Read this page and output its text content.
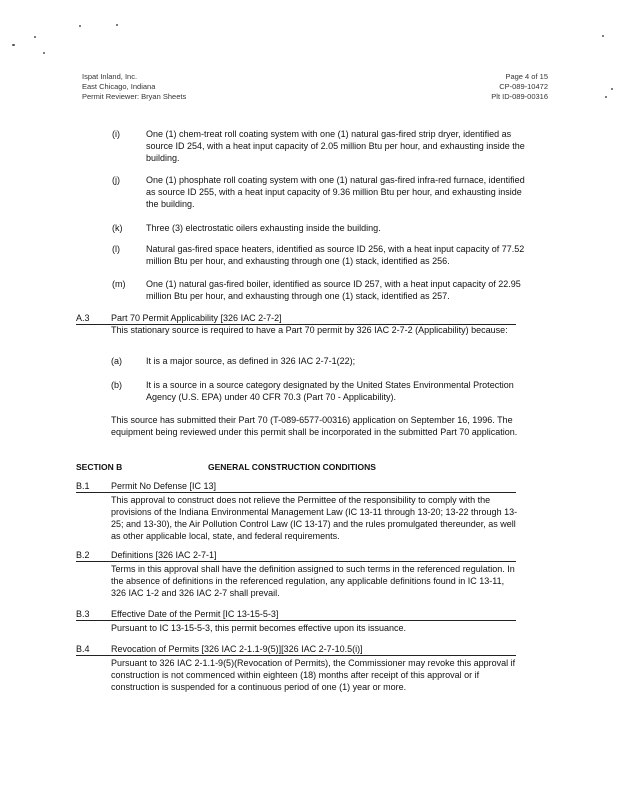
Ispat Inland, Inc.
East Chicago, Indiana
Permit Reviewer: Bryan Sheets
Page 4 of 15
CP-089-10472
Plt ID-089-00316
(i)	One (1) chem-treat roll coating system with one (1) natural gas-fired strip dryer, identified as source ID 254, with a heat input capacity of 2.05 million Btu per hour, and exhausting inside the building.
(j)	One (1) phosphate roll coating system with one (1) natural gas-fired infra-red furnace, identified as source ID 255, with a heat input capacity of 9.36 million Btu per hour, and exhausting inside the building.
(k)	Three (3) electrostatic oilers exhausting inside the building.
(l)	Natural gas-fired space heaters, identified as source ID 256, with a heat input capacity of 77.52 million Btu per hour, and exhausting through one (1) stack, identified as 256.
(m)	One (1) natural gas-fired boiler, identified as source ID 257, with a heat input capacity of 22.95 million Btu per hour, and exhausting through one (1) stack, identified as 257.
A.3 Part 70 Permit Applicability [326 IAC 2-7-2]
This stationary source is required to have a Part 70 permit by 326 IAC 2-7-2 (Applicability) because:
(a)	It is a major source, as defined in 326 IAC 2-7-1(22);
(b)	It is a source in a source category designated by the United States Environmental Protection Agency (U.S. EPA) under 40 CFR 70.3 (Part 70 - Applicability).
This source has submitted their Part 70 (T-089-6577-00316) application on September 16, 1996. The equipment being reviewed under this permit shall be incorporated in the submitted Part 70 application.
SECTION B	GENERAL CONSTRUCTION CONDITIONS
B.1 Permit No Defense [IC 13]
This approval to construct does not relieve the Permittee of the responsibility to comply with the provisions of the Indiana Environmental Management Law (IC 13-11 through 13-20; 13-22 through 13-25; and 13-30), the Air Pollution Control Law (IC 13-17) and the rules promulgated thereunder, as well as other applicable local, state, and federal requirements.
B.2 Definitions [326 IAC 2-7-1]
Terms in this approval shall have the definition assigned to such terms in the referenced regulation. In the absence of definitions in the referenced regulation, any applicable definitions found in IC 13-11, 326 IAC 1-2 and 326 IAC 2-7 shall prevail.
B.3 Effective Date of the Permit [IC 13-15-5-3]
Pursuant to IC 13-15-5-3, this permit becomes effective upon its issuance.
B.4 Revocation of Permits [326 IAC 2-1.1-9(5)][326 IAC 2-7-10.5(i)]
Pursuant to 326 IAC 2-1.1-9(5)(Revocation of Permits), the Commissioner may revoke this approval if construction is not commenced within eighteen (18) months after receipt of this approval or if construction is suspended for a continuous period of one (1) year or more.
